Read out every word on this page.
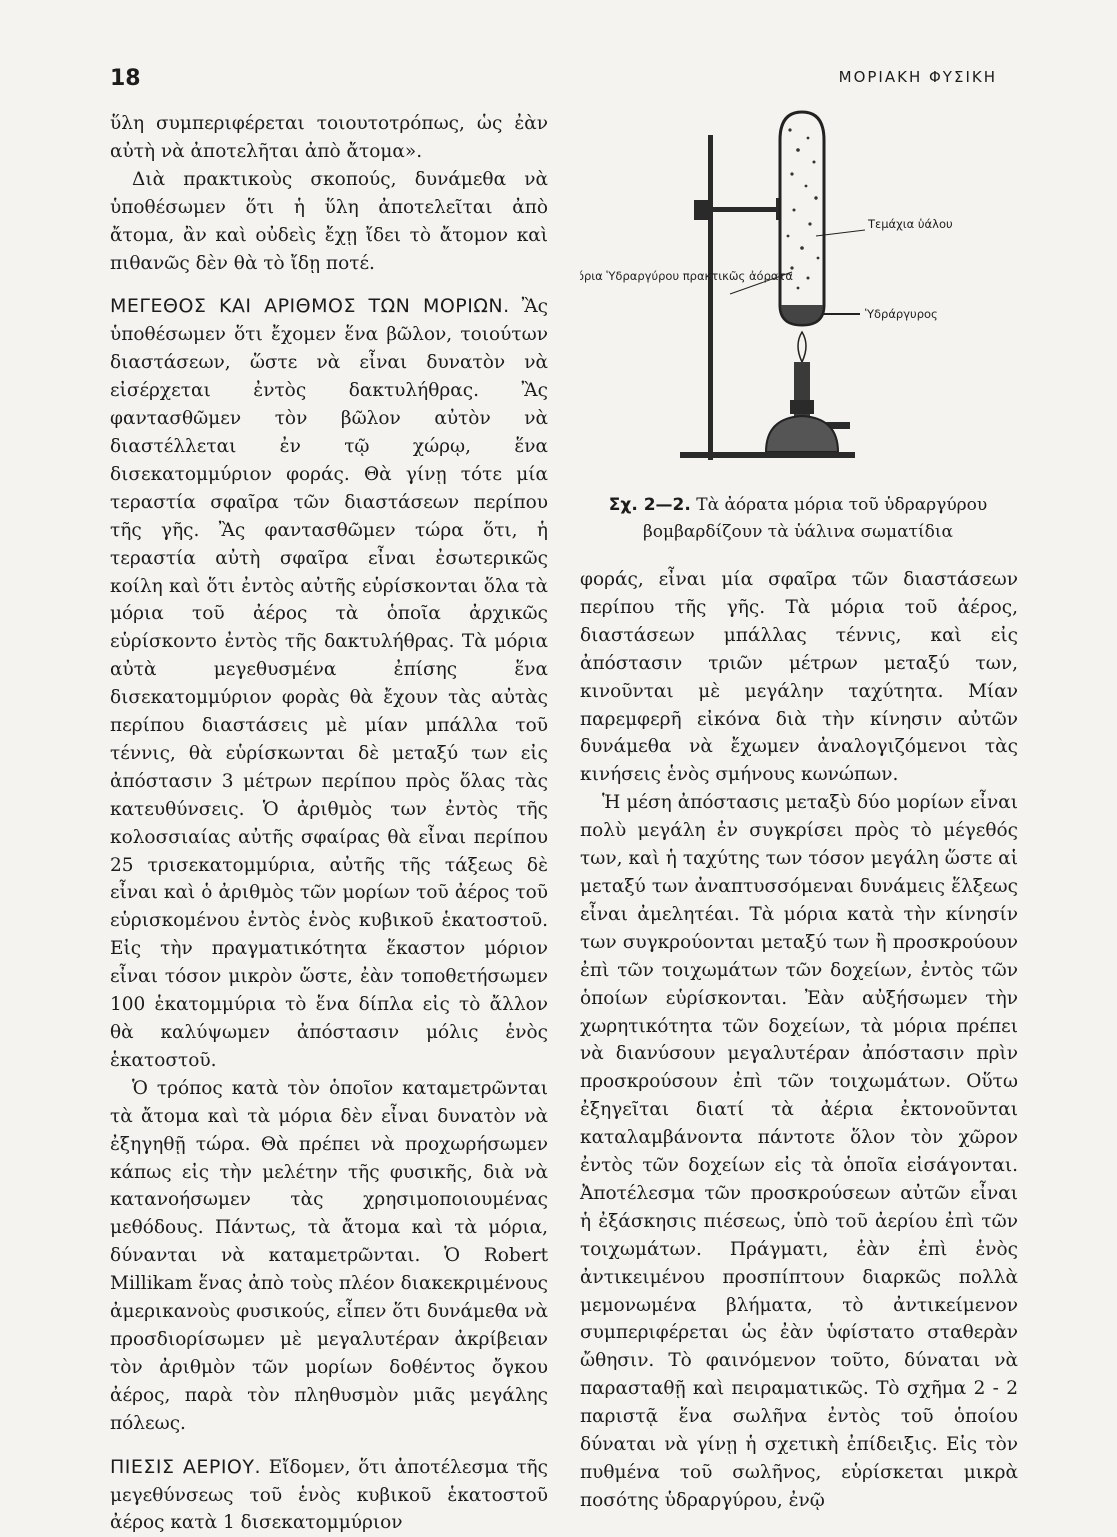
18	ΜΟΡΙΑΚΗ ΦΥΣΙΚΗ

ὕλη συμπεριφέρεται τοιουτοτρόπως, ὡς ἐὰν αὐτὴ νὰ ἀποτελῆται ἀπὸ ἄτομα».

Διὰ πρακτικοὺς σκοπούς, δυνάμεθα νὰ ὑποθέσωμεν ὅτι ἡ ὕλη ἀποτελεῖται ἀπὸ ἄτομα, ἂν καὶ οὐδεὶς ἔχῃ ἴδει τὸ ἄτομον καὶ πιθανῶς δὲν θὰ τὸ ἴδῃ ποτέ.

ΜΕΓΕΘΟΣ ΚΑΙ ΑΡΙΘΜΟΣ ΤΩΝ ΜΟΡΙΩΝ. Ἂς ὑποθέσωμεν ὅτι ἔχομεν ἕνα βῶλον, τοιούτων διαστάσεων, ὥστε νὰ εἶναι δυνατὸν νὰ εἰσέρχεται ἐντὸς δακτυλήθρας. Ἂς φαντασθῶμεν τὸν βῶλον αὐτὸν νὰ διαστέλλεται ἐν τῷ χώρῳ, ἕνα δισεκατομμύριον φοράς. Θὰ γίνῃ τότε μία τεραστία σφαῖρα τῶν διαστάσεων περίπου τῆς γῆς. Ἂς φαντασθῶμεν τώρα ὅτι, ἡ τεραστία αὐτὴ σφαῖρα εἶναι ἐσωτερικῶς κοίλη καὶ ὅτι ἐντὸς αὐτῆς εὑρίσκονται ὅλα τὰ μόρια τοῦ ἀέρος τὰ ὁποῖα ἀρχικῶς εὑρίσκοντο ἐντὸς τῆς δακτυλήθρας. Τὰ μόρια αὐτὰ μεγεθυσμένα ἐπίσης ἕνα δισεκατομμύριον φορὰς θὰ ἔχουν τὰς αὐτὰς περίπου διαστάσεις μὲ μίαν μπάλλα τοῦ τέννις, θὰ εὑρίσκωνται δὲ μεταξύ των εἰς ἀπόστασιν 3 μέτρων περίπου πρὸς ὅλας τὰς κατευθύνσεις. Ὁ ἀριθμὸς των ἐντὸς τῆς κολοσσιαίας αὐτῆς σφαίρας θὰ εἶναι περίπου 25 τρισεκατομμύρια, αὐτῆς τῆς τάξεως δὲ εἶναι καὶ ὁ ἀριθμὸς τῶν μορίων τοῦ ἀέρος τοῦ εὑρισκομένου ἐντὸς ἑνὸς κυβικοῦ ἑκατοστοῦ. Εἰς τὴν πραγματικότητα ἕκαστον μόριον εἶναι τόσον μικρὸν ὥστε, ἐὰν τοποθετήσωμεν 100 ἑκατομμύρια τὸ ἕνα δίπλα εἰς τὸ ἄλλον θὰ καλύψωμεν ἀπόστασιν μόλις ἑνὸς ἑκατοστοῦ.

Ὁ τρόπος κατὰ τὸν ὁποῖον καταμετρῶνται τὰ ἄτομα καὶ τὰ μόρια δὲν εἶναι δυνατὸν νὰ ἐξηγηθῇ τώρα. Θὰ πρέπει νὰ προχωρήσωμεν κάπως εἰς τὴν μελέτην τῆς φυσικῆς, διὰ νὰ κατανοήσωμεν τὰς χρησιμοποιουμένας μεθόδους. Πάντως, τὰ ἄτομα καὶ τὰ μόρια, δύνανται νὰ καταμετρῶνται. Ὁ Robert Millikam ἕνας ἀπὸ τοὺς πλέον διακεκριμένους ἀμερικανοὺς φυσικούς, εἶπεν ὅτι δυνάμεθα νὰ προσδιορίσωμεν μὲ μεγαλυτέραν ἀκρίβειαν τὸν ἀριθμὸν τῶν μορίων δοθέντος ὄγκου ἀέρος, παρὰ τὸν πληθυσμὸν μιᾶς μεγάλης πόλεως.

ΠΙΕΣΙΣ ΑΕΡΙΟΥ. Εἴδομεν, ὅτι ἀποτέλεσμα τῆς μεγεθύνσεως τοῦ ἑνὸς κυβικοῦ ἑκατοστοῦ ἀέρος κατὰ 1 δισεκατομμύριον

Τεμάχια ὑάλου
Μόρια Ὑδραργύρου πρακτικῶς ἀόρατα
Ὑδράργυρος
Σχ. 2—2. Τὰ ἀόρατα μόρια τοῦ ὑδραργύρου βομβαρδίζουν τὰ ὑάλινα σωματίδια

φοράς, εἶναι μία σφαῖρα τῶν διαστάσεων περίπου τῆς γῆς. Τὰ μόρια τοῦ ἀέρος, διαστάσεων μπάλλας τέννις, καὶ εἰς ἀπόστασιν τριῶν μέτρων μεταξύ των, κινοῦνται μὲ μεγάλην ταχύτητα. Μίαν παρεμφερῆ εἰκόνα διὰ τὴν κίνησιν αὐτῶν δυνάμεθα νὰ ἔχωμεν ἀναλογιζόμενοι τὰς κινήσεις ἑνὸς σμήνους κωνώπων.

Ἡ μέση ἀπόστασις μεταξὺ δύο μορίων εἶναι πολὺ μεγάλη ἐν συγκρίσει πρὸς τὸ μέγεθός των, καὶ ἡ ταχύτης των τόσον μεγάλη ὥστε αἱ μεταξύ των ἀναπτυσσόμεναι δυνάμεις ἕλξεως εἶναι ἀμελητέαι. Τὰ μόρια κατὰ τὴν κίνησίν των συγκρούονται μεταξύ των ἢ προσκρούουν ἐπὶ τῶν τοιχωμάτων τῶν δοχείων, ἐντὸς τῶν ὁποίων εὑρίσκονται. Ἐὰν αὐξήσωμεν τὴν χωρητικότητα τῶν δοχείων, τὰ μόρια πρέπει νὰ διανύσουν μεγαλυτέραν ἀπόστασιν πρὶν προσκρούσουν ἐπὶ τῶν τοιχωμάτων. Οὕτω ἐξηγεῖται διατί τὰ ἀέρια ἐκτονοῦνται καταλαμβάνοντα πάντοτε ὅλον τὸν χῶρον ἐντὸς τῶν δοχείων εἰς τὰ ὁποῖα εἰσάγονται. Ἀποτέλεσμα τῶν προσκρούσεων αὐτῶν εἶναι ἡ ἐξάσκησις πιέσεως, ὑπὸ τοῦ ἀερίου ἐπὶ τῶν τοιχωμάτων. Πράγματι, ἐὰν ἐπὶ ἑνὸς ἀντικειμένου προσπίπτουν διαρκῶς πολλὰ μεμονωμένα βλήματα, τὸ ἀντικείμενον συμπεριφέρεται ὡς ἐὰν ὑφίστατο σταθερὰν ὤθησιν. Τὸ φαινόμενον τοῦτο, δύναται νὰ παρασταθῇ καὶ πειραματικῶς. Τὸ σχῆμα 2 - 2 παριστᾷ ἕνα σωλῆνα ἐντὸς τοῦ ὁποίου δύναται νὰ γίνῃ ἡ σχετικὴ ἐπίδειξις. Εἰς τὸν πυθμένα τοῦ σωλῆνος, εὑρίσκεται μικρὰ ποσότης ὑδραργύρου, ἐνῷ
